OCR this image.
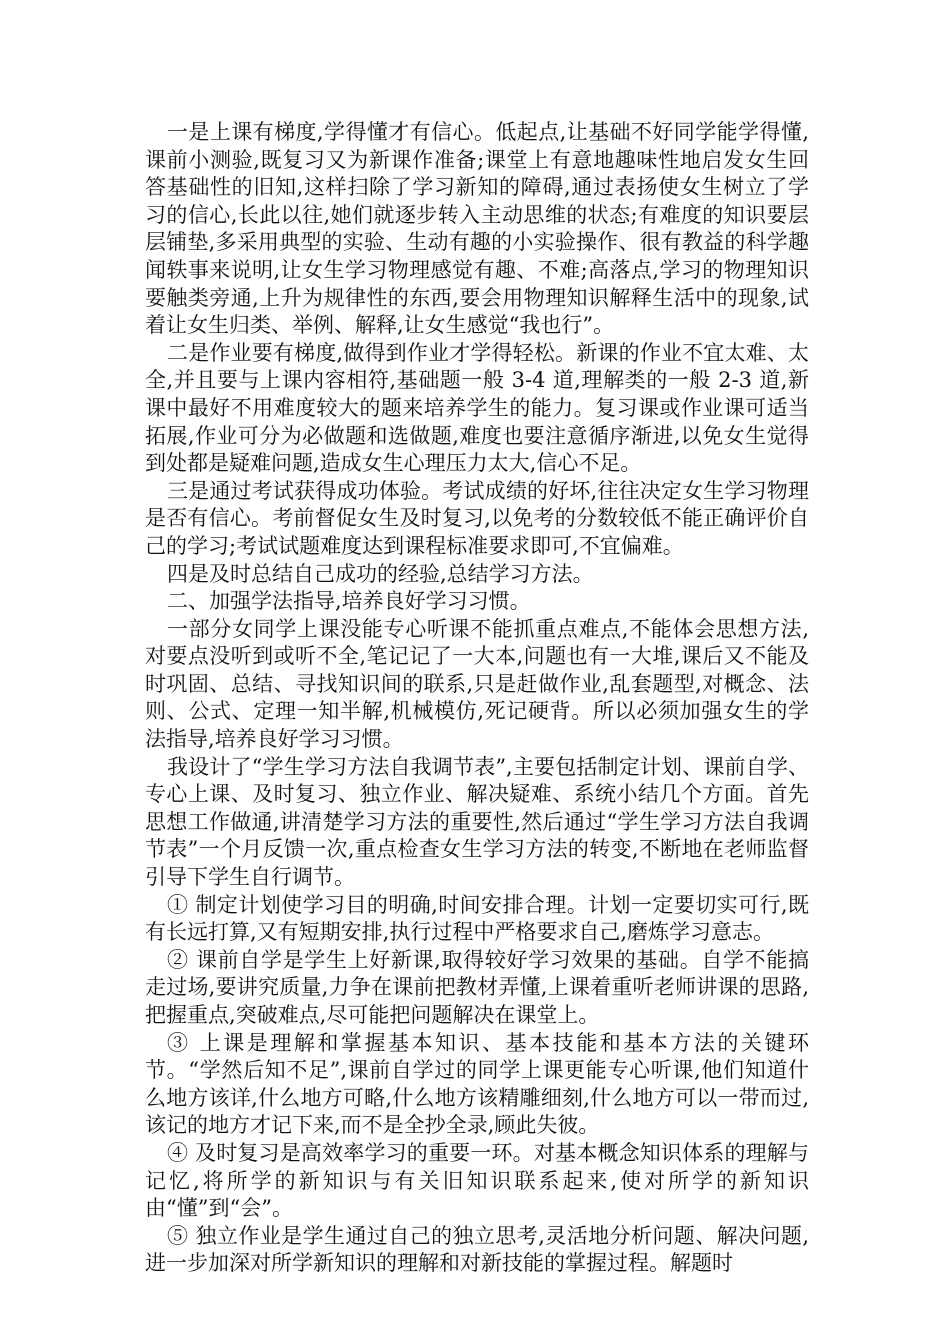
一是上课有梯度,学得懂才有信心。低起点,让基础不好同学能学得懂,课前小测验,既复习又为新课作准备;课堂上有意地趣味性地启发女生回答基础性的旧知,这样扫除了学习新知的障碍,通过表扬使女生树立了学习的信心,长此以往,她们就逐步转入主动思维的状态;有难度的知识要层层铺垫,多采用典型的实验、生动有趣的小实验操作、很有教益的科学趣闻轶事来说明,让女生学习物理感觉有趣、不难;高落点,学习的物理知识要触类旁通,上升为规律性的东西,要会用物理知识解释生活中的现象,试着让女生归类、举例、解释,让女生感觉“我也行”。

二是作业要有梯度,做得到作业才学得轻松。新课的作业不宜太难、太全,并且要与上课内容相符,基础题一般 3-4 道,理解类的一般 2-3 道,新课中最好不用难度较大的题来培养学生的能力。复习课或作业课可适当拓展,作业可分为必做题和选做题,难度也要注意循序渐进,以免女生觉得到处都是疑难问题,造成女生心理压力太大,信心不足。

三是通过考试获得成功体验。考试成绩的好坏,往往决定女生学习物理是否有信心。考前督促女生及时复习,以免考的分数较低不能正确评价自己的学习;考试试题难度达到课程标准要求即可,不宜偏难。

四是及时总结自己成功的经验,总结学习方法。

二、加强学法指导,培养良好学习习惯。

一部分女同学上课没能专心听课不能抓重点难点,不能体会思想方法,对要点没听到或听不全,笔记记了一大本,问题也有一大堆,课后又不能及时巩固、总结、寻找知识间的联系,只是赶做作业,乱套题型,对概念、法则、公式、定理一知半解,机械模仿,死记硬背。所以必须加强女生的学法指导,培养良好学习习惯。

我设计了“学生学习方法自我调节表”,主要包括制定计划、课前自学、专心上课、及时复习、独立作业、解决疑难、系统小结几个方面。首先思想工作做通,讲清楚学习方法的重要性,然后通过“学生学习方法自我调节表”一个月反馈一次,重点检查女生学习方法的转变,不断地在老师监督引导下学生自行调节。

① 制定计划使学习目的明确,时间安排合理。计划一定要切实可行,既有长远打算,又有短期安排,执行过程中严格要求自己,磨炼学习意志。

② 课前自学是学生上好新课,取得较好学习效果的基础。自学不能搞走过场,要讲究质量,力争在课前把教材弄懂,上课着重听老师讲课的思路,把握重点,突破难点,尽可能把问题解决在课堂上。

③ 上课是理解和掌握基本知识、基本技能和基本方法的关键环节。“学然后知不足”,课前自学过的同学上课更能专心听课,他们知道什么地方该详,什么地方可略,什么地方该精雕细刻,什么地方可以一带而过,该记的地方才记下来,而不是全抄全录,顾此失彼。

④ 及时复习是高效率学习的重要一环。对基本概念知识体系的理解与记忆,将所学的新知识与有关旧知识联系起来,使对所学的新知识由“懂”到“会”。

⑤ 独立作业是学生通过自己的独立思考,灵活地分析问题、解决问题,进一步加深对所学新知识的理解和对新技能的掌握过程。解题时
